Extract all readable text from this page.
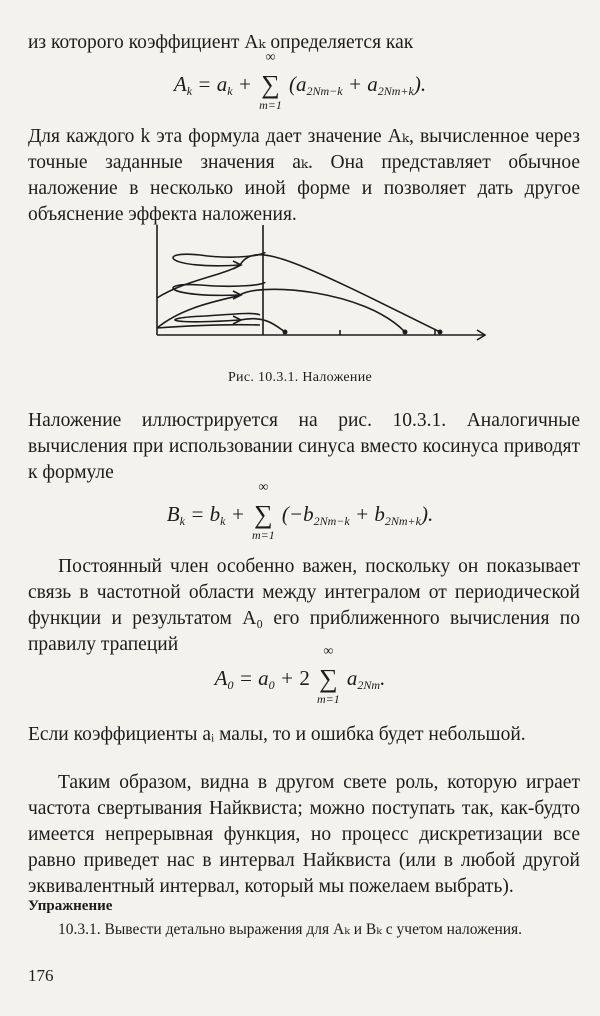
из которого коэффициент Aₖ определяется как

$A_k = a_k$ + ∑
∞
m=1
$(a_{2Nm-k} + a_{2Nm+k})$.

Для каждого k эта формула дает значение Aₖ, вычисленное через точные заданные значения aₖ. Она представляет обычное наложение в несколько иной форме и позволяет дать другое объяснение эффекта наложения.

Рис. 10.3.1. Наложение

Наложение иллюстрируется на рис. 10.3.1. Аналогичные вычисления при использовании синуса вместо косинуса приводят к формуле

$B_k = b_k$ + ∑
∞
m=1
$(-b_{2Nm-k} + b_{2Nm+k})$.

Постоянный член особенно важен, поскольку он показывает связь в частотной области между интегралом от периодической функции и результатом A₀ его приближенного вычисления по правилу трапеций

$A_0 = a_0 + 2$ ∑
∞
m=1
$a_{2Nm}$.

Если коэффициенты aᵢ малы, то и ошибка будет небольшой.

Таким образом, видна в другом свете роль, которую играет частота свертывания Найквиста; можно поступать так, как-будто имеется непрерывная функция, но процесс дискретизации все равно приведет нас в интервал Найквиста (или в любой другой эквивалентный интервал, который мы пожелаем выбрать).

Упражнение
10.3.1. Вывести детально выражения для Aₖ и Bₖ с учетом наложения.
176
